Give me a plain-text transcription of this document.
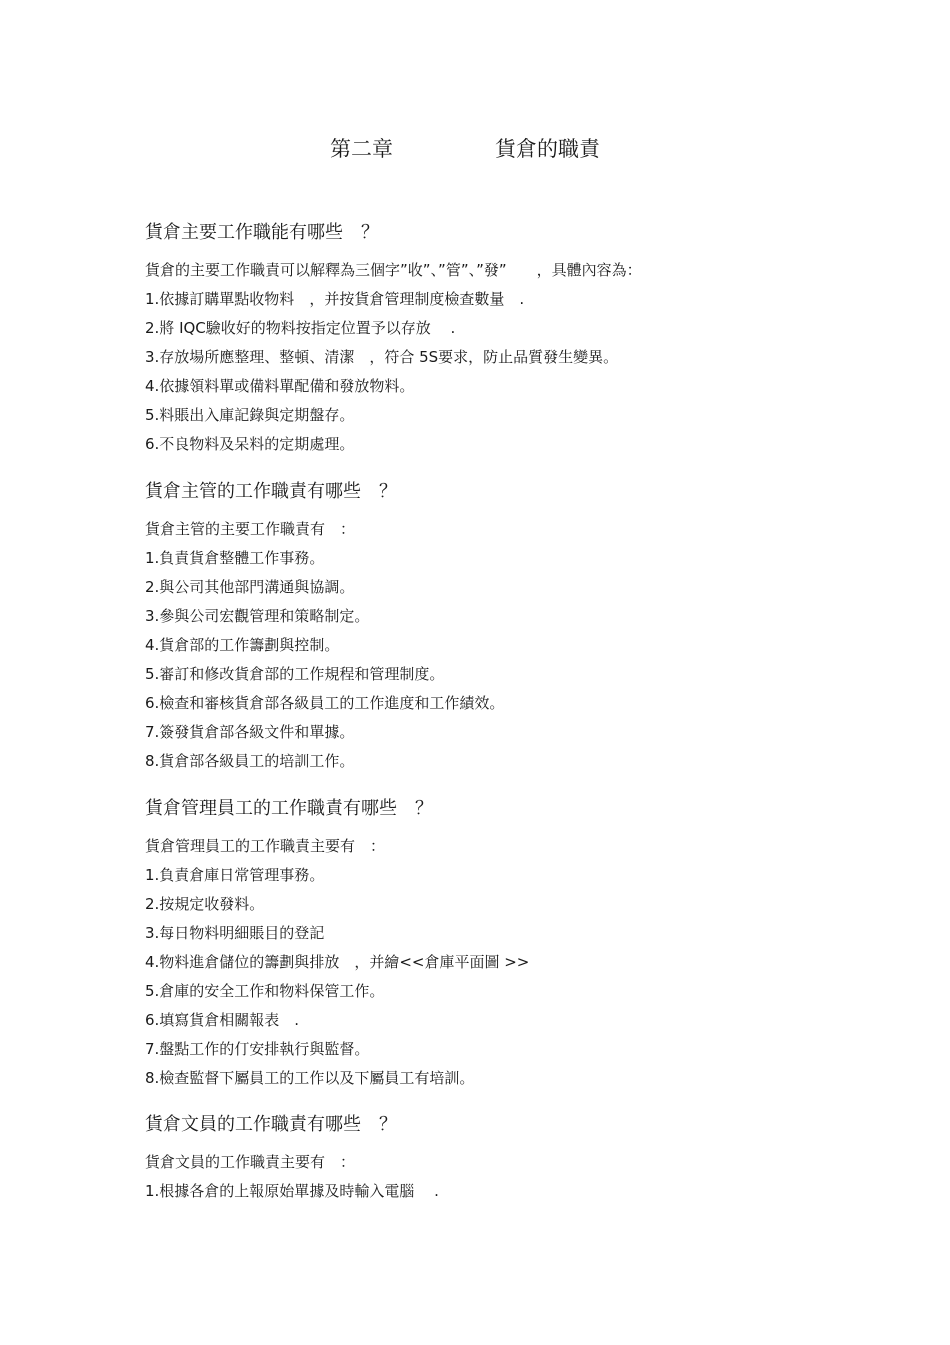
第二章	貨倉的職責

貨倉主要工作職能有哪些　？

貨倉的主要工作職責可以解釋為三個字”收”、”管”、”發”　　，具體內容為：

1.依據訂購單點收物料　，并按貨倉管理制度檢查數量　.

2.將 IQC驗收好的物料按指定位置予以存放　 .

3.存放場所應整理、整頓、清潔　，符合 5S要求，防止品質發生變異。

4.依據領料單或備料單配備和發放物料。

5.料賬出入庫記錄與定期盤存。

6.不良物料及呆料的定期處理。

貨倉主管的工作職責有哪些　？

貨倉主管的主要工作職責有　：

1.負責貨倉整體工作事務。

2.與公司其他部門溝通與協調。

3.參與公司宏觀管理和策略制定。

4.貨倉部的工作籌劃與控制。

5.審訂和修改貨倉部的工作規程和管理制度。

6.檢查和審核貨倉部各級員工的工作進度和工作績效。

7.簽發貨倉部各級文件和單據。

8.貨倉部各級員工的培訓工作。

貨倉管理員工的工作職責有哪些　？

貨倉管理員工的工作職責主要有　：

1.負責倉庫日常管理事務。

2.按規定收發料。

3.每日物料明細賬目的登記

4.物料進倉儲位的籌劃與排放　，并繪<<倉庫平面圖 >>

5.倉庫的安全工作和物料保管工作。

6.填寫貨倉相關報表　.

7.盤點工作的仃安排執行與監督。

8.檢查監督下屬員工的工作以及下屬員工有培訓。

貨倉文員的工作職責有哪些　？

貨倉文員的工作職責主要有　：

1.根據各倉的上報原始單據及時輸入電腦　 .
